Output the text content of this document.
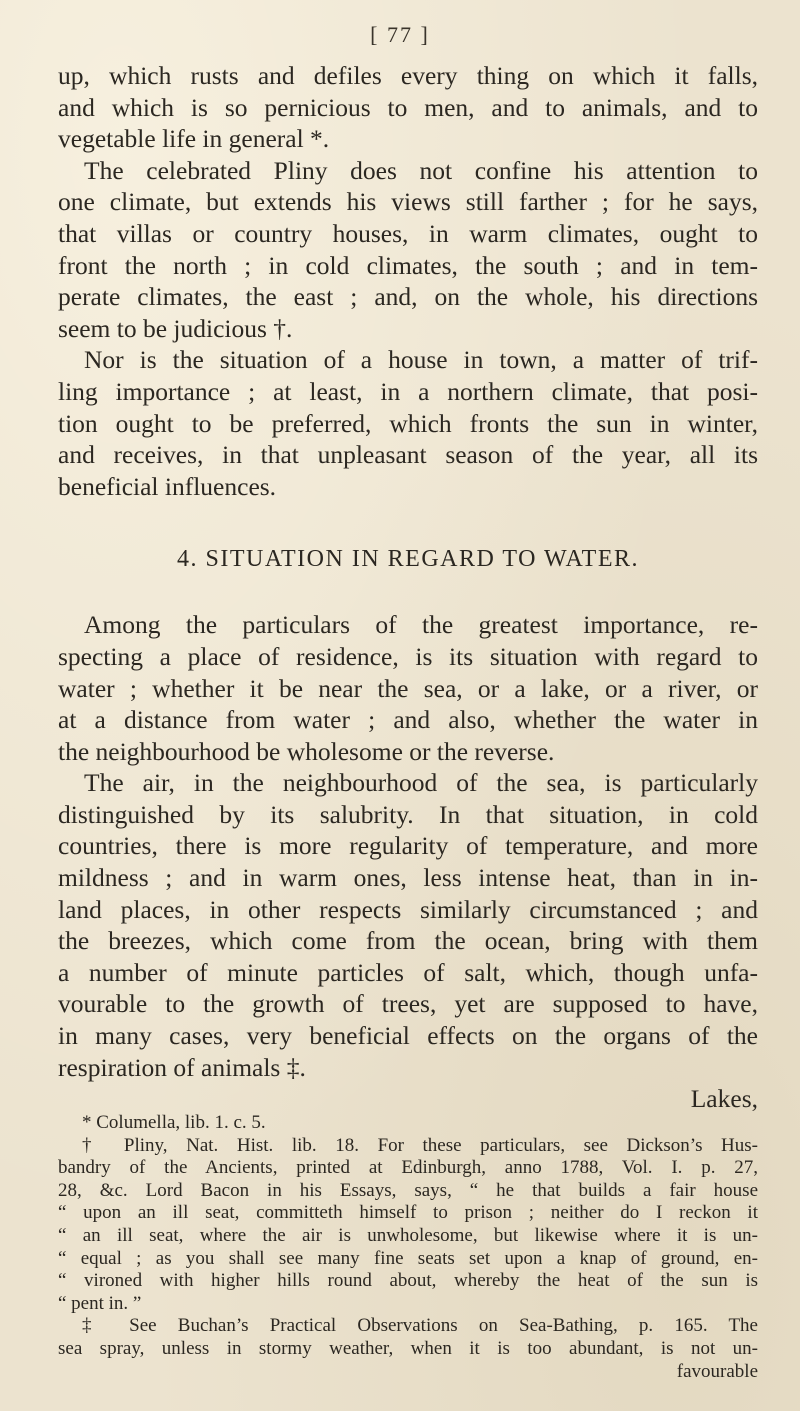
[ 77 ]
up, which rusts and defiles every thing on which it falls,
and which is so pernicious to men, and to animals, and to
vegetable life in general *.
The celebrated Pliny does not confine his attention to
one climate, but extends his views still farther ; for he says,
that villas or country houses, in warm climates, ought to
front the north ; in cold climates, the south ; and in tem-
perate climates, the east ; and, on the whole, his directions
seem to be judicious †.
Nor is the situation of a house in town, a matter of trif-
ling importance ; at least, in a northern climate, that posi-
tion ought to be preferred, which fronts the sun in winter,
and receives, in that unpleasant season of the year, all its
beneficial influences.
4. SITUATION IN REGARD TO WATER.
Among the particulars of the greatest importance, re-
specting a place of residence, is its situation with regard to
water ; whether it be near the sea, or a lake, or a river, or
at a distance from water ; and also, whether the water in
the neighbourhood be wholesome or the reverse.
The air, in the neighbourhood of the sea, is particularly
distinguished by its salubrity. In that situation, in cold
countries, there is more regularity of temperature, and more
mildness ; and in warm ones, less intense heat, than in in-
land places, in other respects similarly circumstanced ; and
the breezes, which come from the ocean, bring with them
a number of minute particles of salt, which, though unfa-
vourable to the growth of trees, yet are supposed to have,
in many cases, very beneficial effects on the organs of the
respiration of animals ‡.
Lakes,
* Columella, lib. 1. c. 5.
† Pliny, Nat. Hist. lib. 18. For these particulars, see Dickson’s Hus-
bandry of the Ancients, printed at Edinburgh, anno 1788, Vol. I. p. 27,
28, &c. Lord Bacon in his Essays, says, “ he that builds a fair house
“ upon an ill seat, committeth himself to prison ; neither do I reckon it
“ an ill seat, where the air is unwholesome, but likewise where it is un-
“ equal ; as you shall see many fine seats set upon a knap of ground, en-
“ vironed with higher hills round about, whereby the heat of the sun is
“ pent in. ”
‡ See Buchan’s Practical Observations on Sea-Bathing, p. 165. The
sea spray, unless in stormy weather, when it is too abundant, is not un-
favourable
